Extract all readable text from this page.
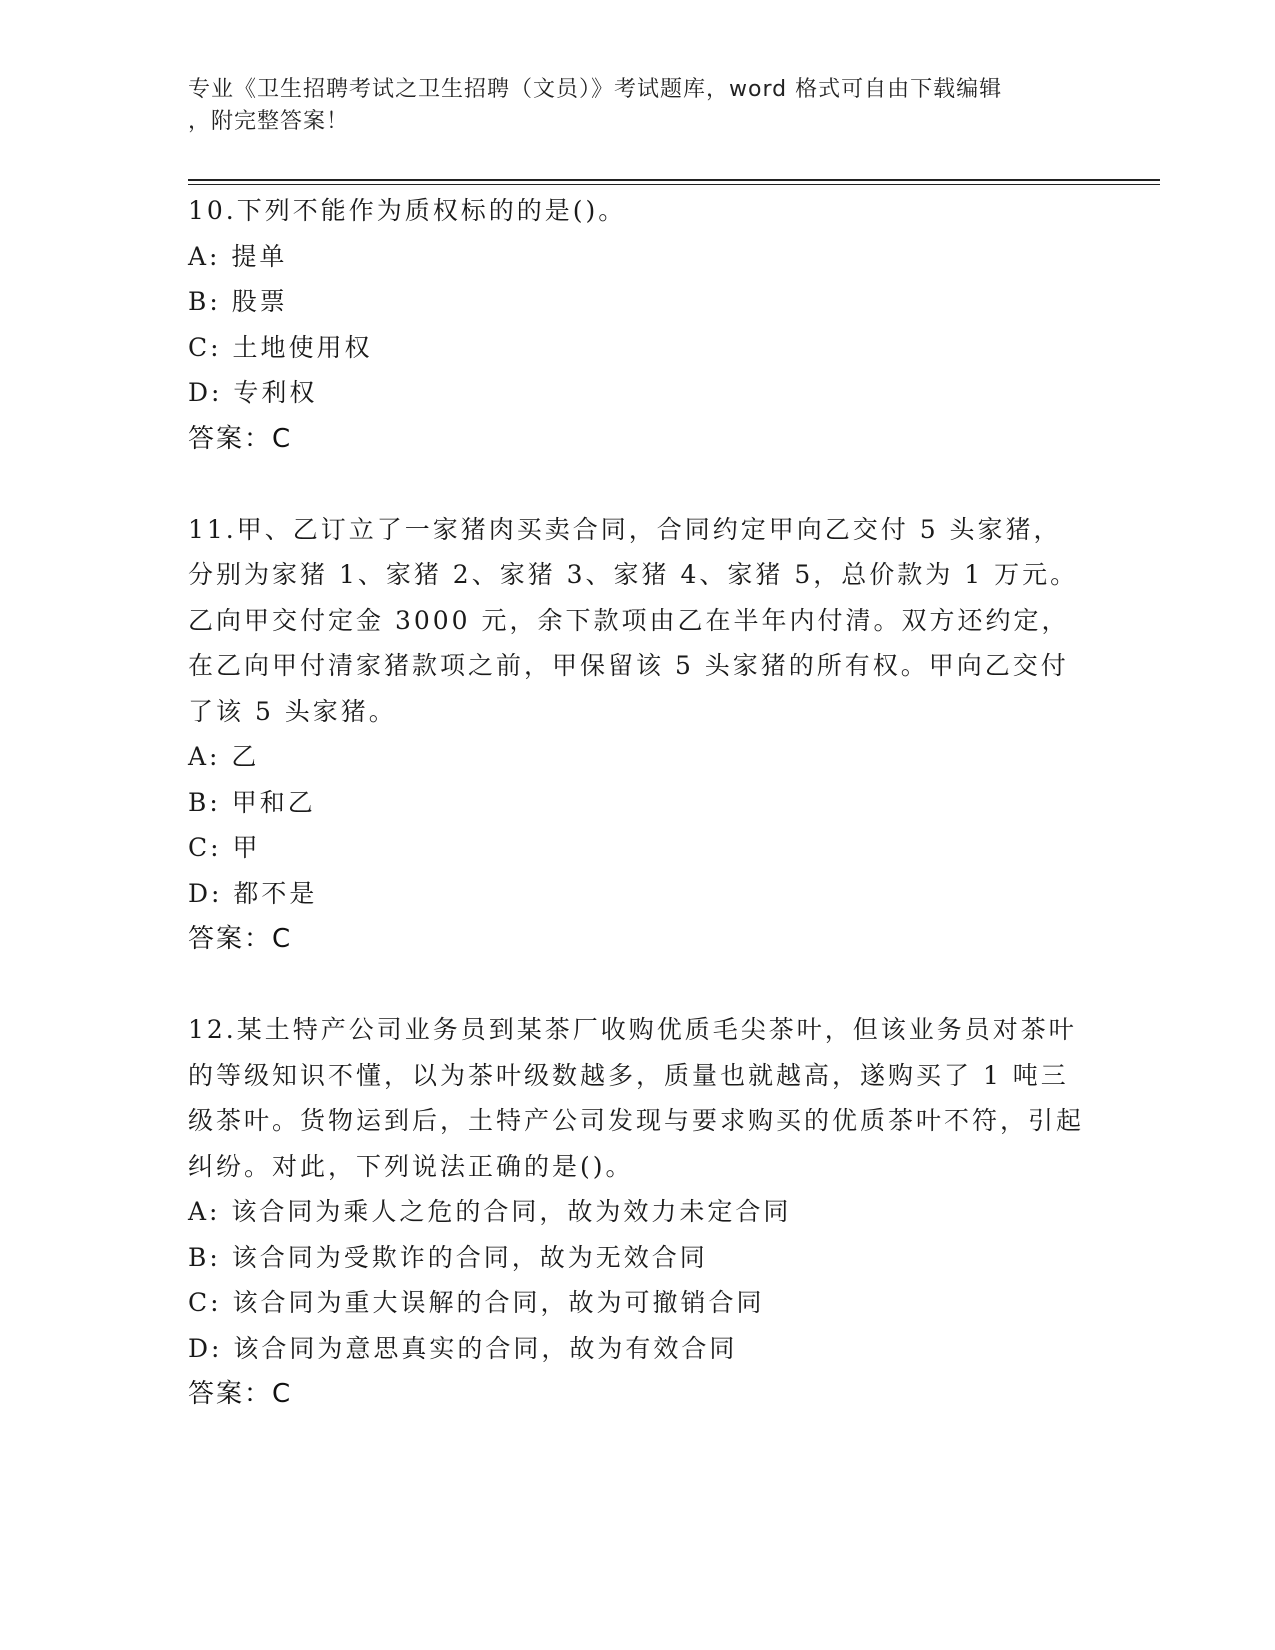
专业《卫生招聘考试之卫生招聘（文员）》考试题库，word 格式可自由下载编辑
，附完整答案！

10.下列不能作为质权标的的是()。

A: 提单

B: 股票

C: 土地使用权

D: 专利权

答案：C

11.甲、乙订立了一家猪肉买卖合同，合同约定甲向乙交付 5 头家猪，分别为家猪 1、家猪 2、家猪 3、家猪 4、家猪 5，总价款为 1 万元。乙向甲交付定金 3000 元，余下款项由乙在半年内付清。双方还约定，在乙向甲付清家猪款项之前，甲保留该 5 头家猪的所有权。甲向乙交付了该 5 头家猪。

A: 乙

B: 甲和乙

C: 甲

D: 都不是

答案：C

12.某土特产公司业务员到某茶厂收购优质毛尖茶叶，但该业务员对茶叶的等级知识不懂，以为茶叶级数越多，质量也就越高，遂购买了 1 吨三级茶叶。货物运到后，土特产公司发现与要求购买的优质茶叶不符，引起纠纷。对此，下列说法正确的是()。

A: 该合同为乘人之危的合同，故为效力未定合同

B: 该合同为受欺诈的合同，故为无效合同

C: 该合同为重大误解的合同，故为可撤销合同

D: 该合同为意思真实的合同，故为有效合同

答案：C
